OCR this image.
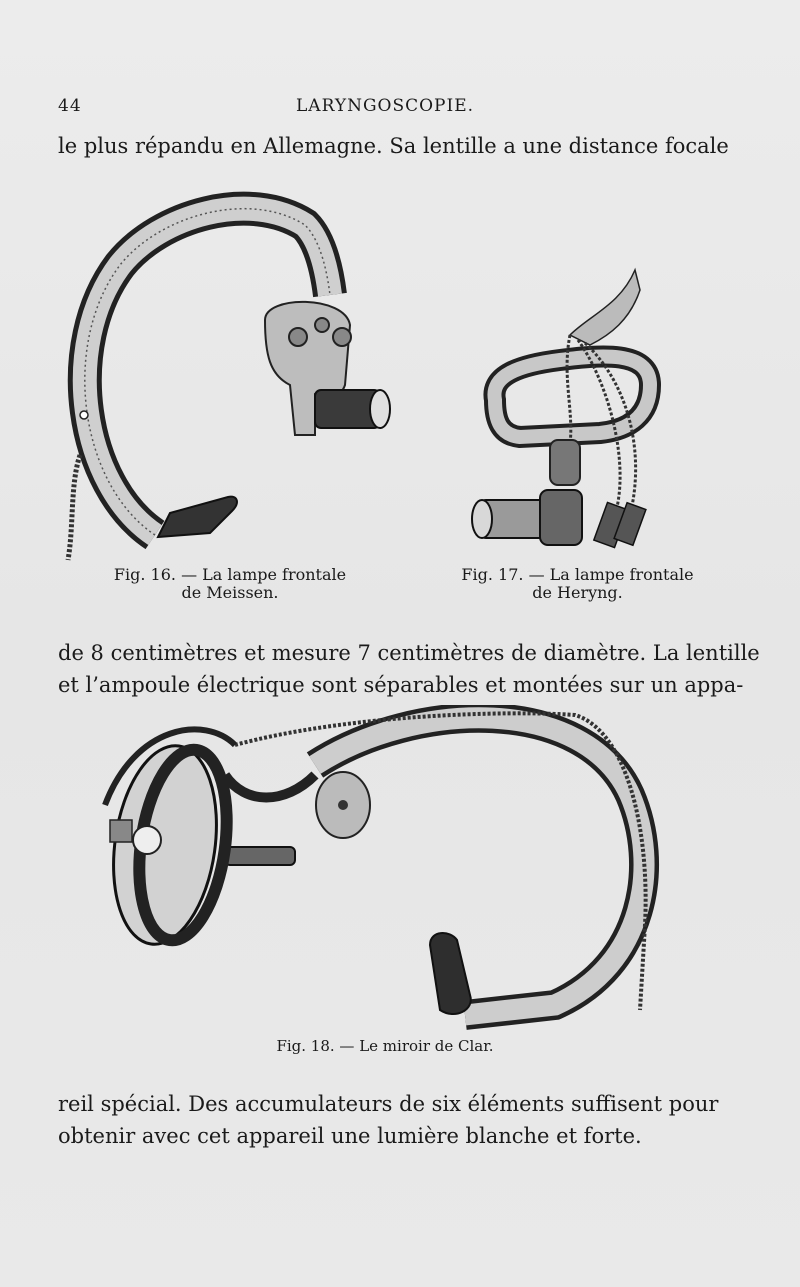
44	LARYNGOSCOPIE.
le plus répandu en Allemagne. Sa lentille a une distance focale
Fig. 16. — La lampe frontale
de Meissen.
Fig. 17. — La lampe frontale
de Heryng.
de 8 centimètres et mesure 7 centimètres de diamètre. La lentille
et l’ampoule électrique sont séparables et montées sur un appa-
Fig. 18. — Le miroir de Clar.
reil spécial. Des accumulateurs de six éléments suffisent pour
obtenir avec cet appareil une lumière blanche et forte.
